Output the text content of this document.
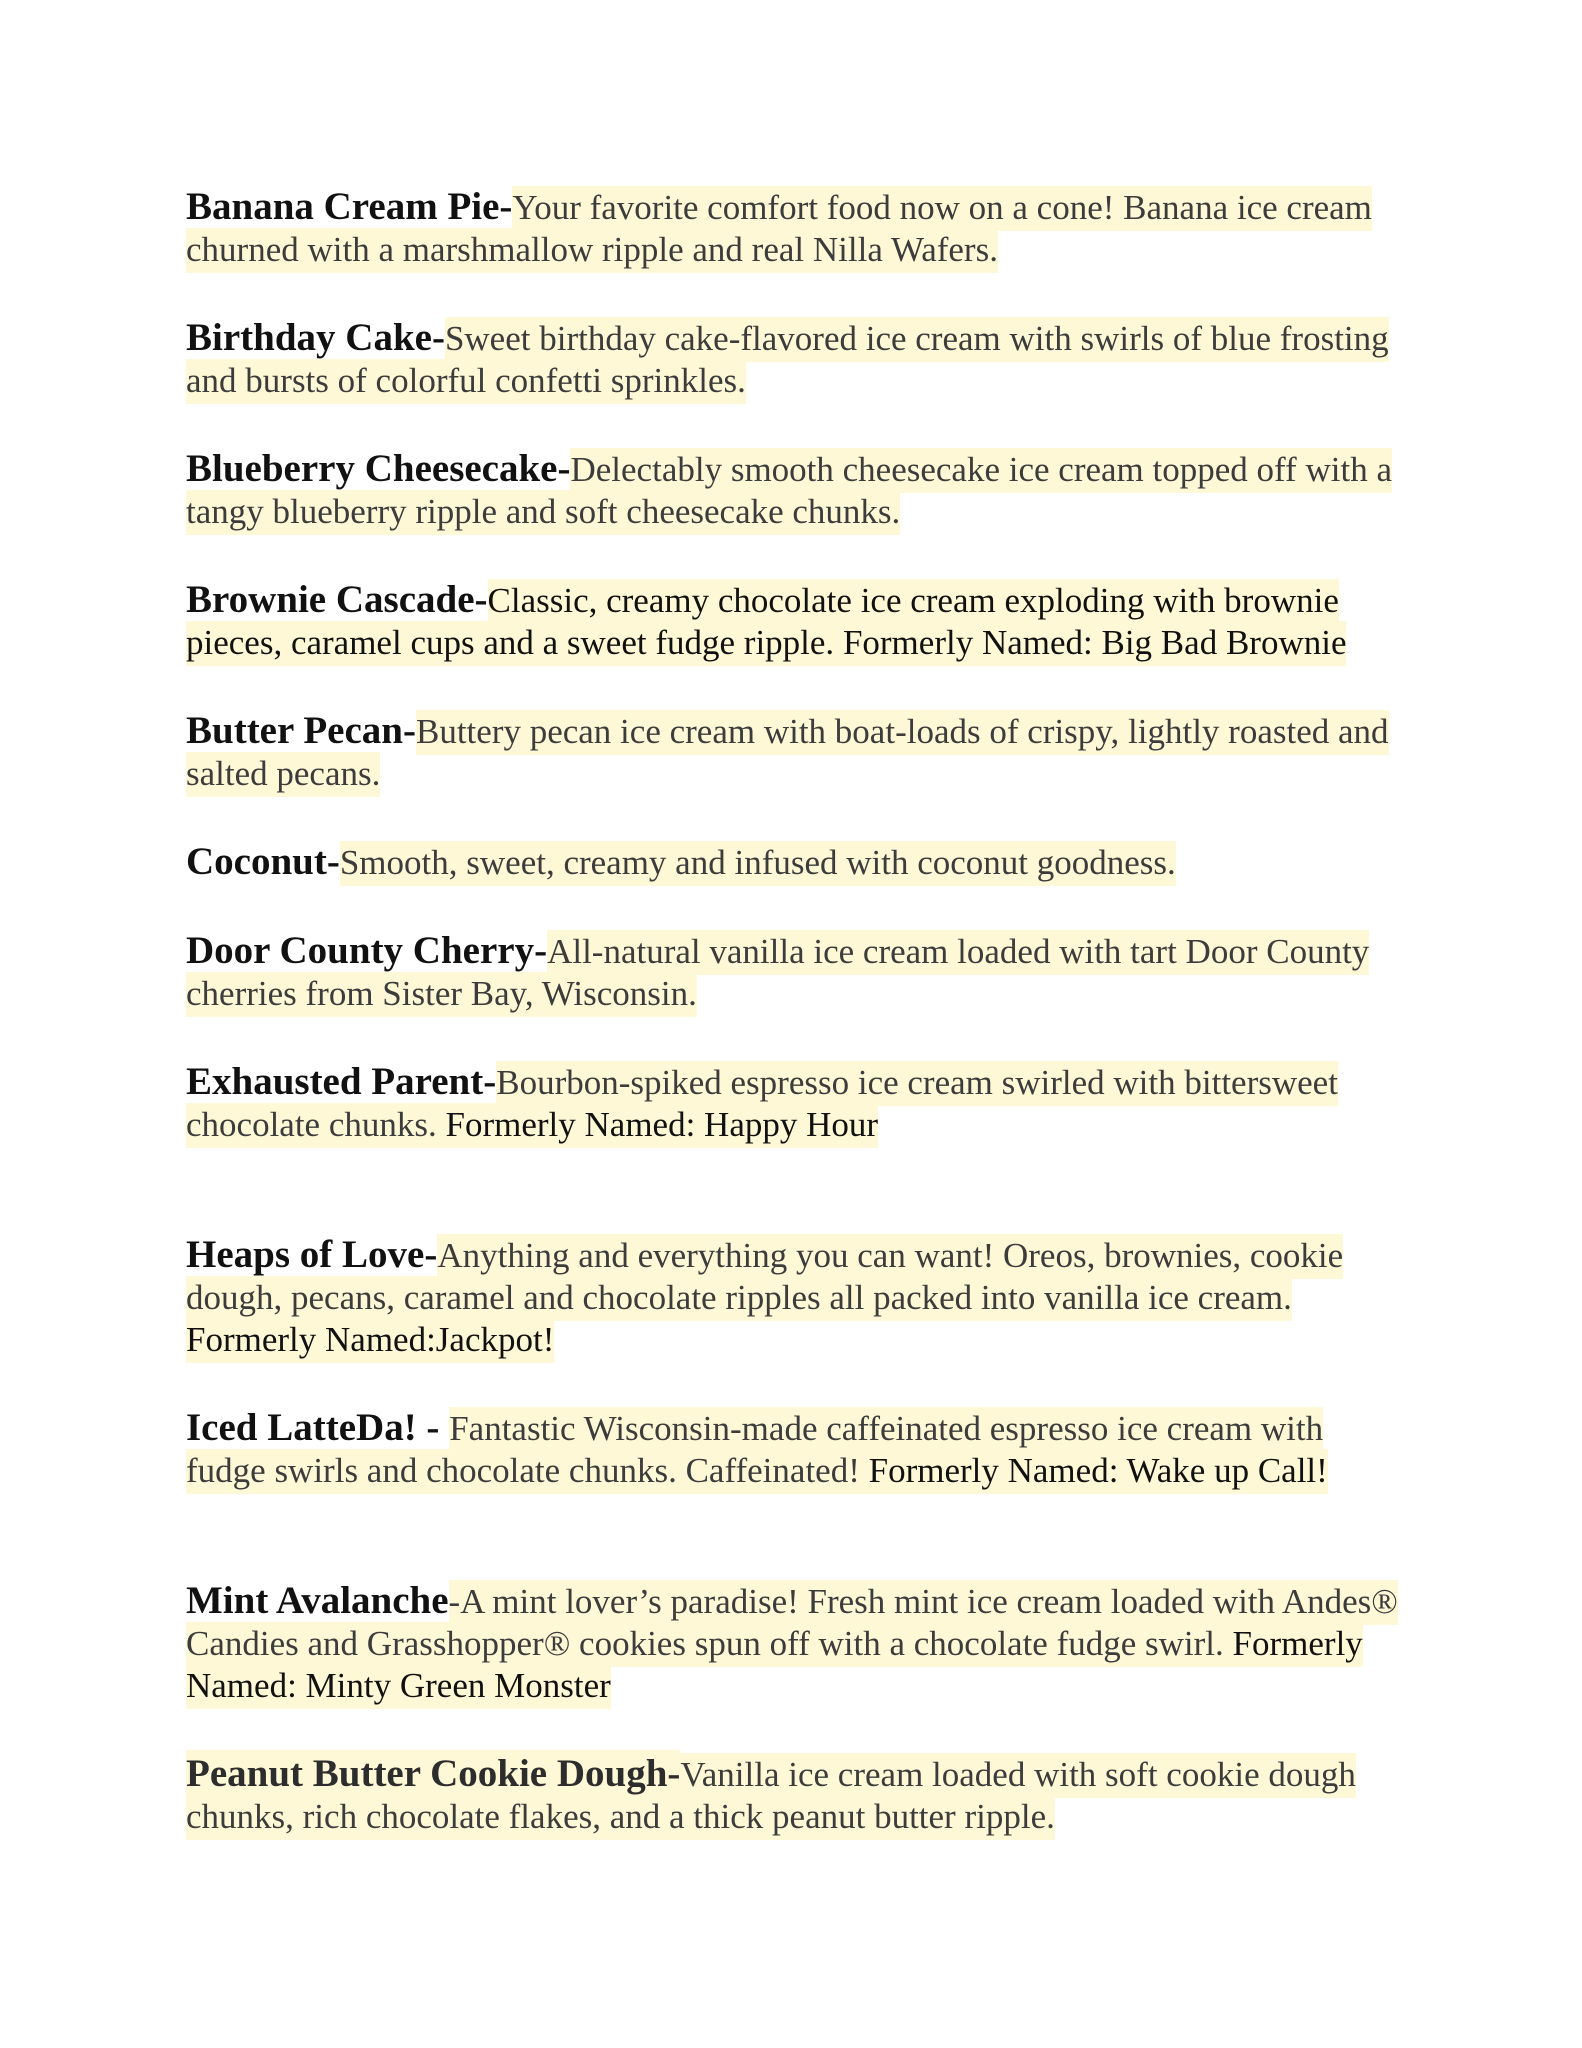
Banana Cream Pie-Your favorite comfort food now on a cone! Banana ice cream churned with a marshmallow ripple and real Nilla Wafers.

Birthday Cake-Sweet birthday cake-flavored ice cream with swirls of blue frosting and bursts of colorful confetti sprinkles.

Blueberry Cheesecake-Delectably smooth cheesecake ice cream topped off with a tangy blueberry ripple and soft cheesecake chunks.

Brownie Cascade-Classic, creamy chocolate ice cream exploding with brownie pieces, caramel cups and a sweet fudge ripple. Formerly Named: Big Bad Brownie

Butter Pecan-Buttery pecan ice cream with boat-loads of crispy, lightly roasted and salted pecans.

Coconut-Smooth, sweet, creamy and infused with coconut goodness.

Door County Cherry-All-natural vanilla ice cream loaded with tart Door County cherries from Sister Bay, Wisconsin.

Exhausted Parent-Bourbon-spiked espresso ice cream swirled with bittersweet chocolate chunks. Formerly Named: Happy Hour

Heaps of Love-Anything and everything you can want! Oreos, brownies, cookie dough, pecans, caramel and chocolate ripples all packed into vanilla ice cream. Formerly Named:Jackpot!

Iced LatteDa! - Fantastic Wisconsin-made caffeinated espresso ice cream with fudge swirls and chocolate chunks. Caffeinated! Formerly Named: Wake up Call!

Mint Avalanche-A mint lover’s paradise! Fresh mint ice cream loaded with Andes® Candies and Grasshopper® cookies spun off with a chocolate fudge swirl. Formerly Named: Minty Green Monster

Peanut Butter Cookie Dough-Vanilla ice cream loaded with soft cookie dough chunks, rich chocolate flakes, and a thick peanut butter ripple.
